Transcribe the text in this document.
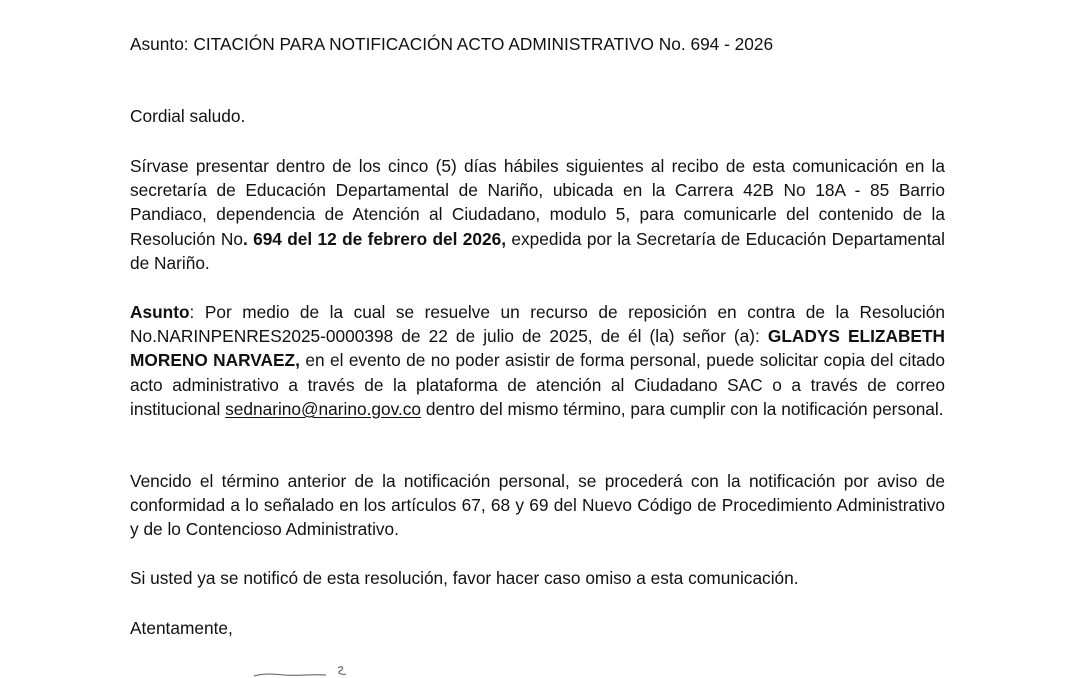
Asunto: CITACIÓN PARA NOTIFICACIÓN ACTO ADMINISTRATIVO No. 694 - 2026
Cordial saludo.
Sírvase presentar dentro de los cinco (5) días hábiles siguientes al recibo de esta comunicación en la secretaría de Educación Departamental de Nariño, ubicada en la Carrera 42B No 18A - 85 Barrio Pandiaco, dependencia de Atención al Ciudadano, modulo 5, para comunicarle del contenido de la Resolución No. 694 del 12 de febrero del 2026, expedida por la Secretaría de Educación Departamental de Nariño.
Asunto: Por medio de la cual se resuelve un recurso de reposición en contra de la Resolución No.NARINPENRES2025-0000398 de 22 de julio de 2025, de él (la) señor (a): GLADYS ELIZABETH MORENO NARVAEZ, en el evento de no poder asistir de forma personal, puede solicitar copia del citado acto administrativo a través de la plataforma de atención al Ciudadano SAC o a través de correo institucional sednarino@narino.gov.co dentro del mismo término, para cumplir con la notificación personal.
Vencido el término anterior de la notificación personal, se procederá con la notificación por aviso de conformidad a lo señalado en los artículos 67, 68 y 69 del Nuevo Código de Procedimiento Administrativo y de lo Contencioso Administrativo.
Si usted ya se notificó de esta resolución, favor hacer caso omiso a esta comunicación.
Atentamente,
